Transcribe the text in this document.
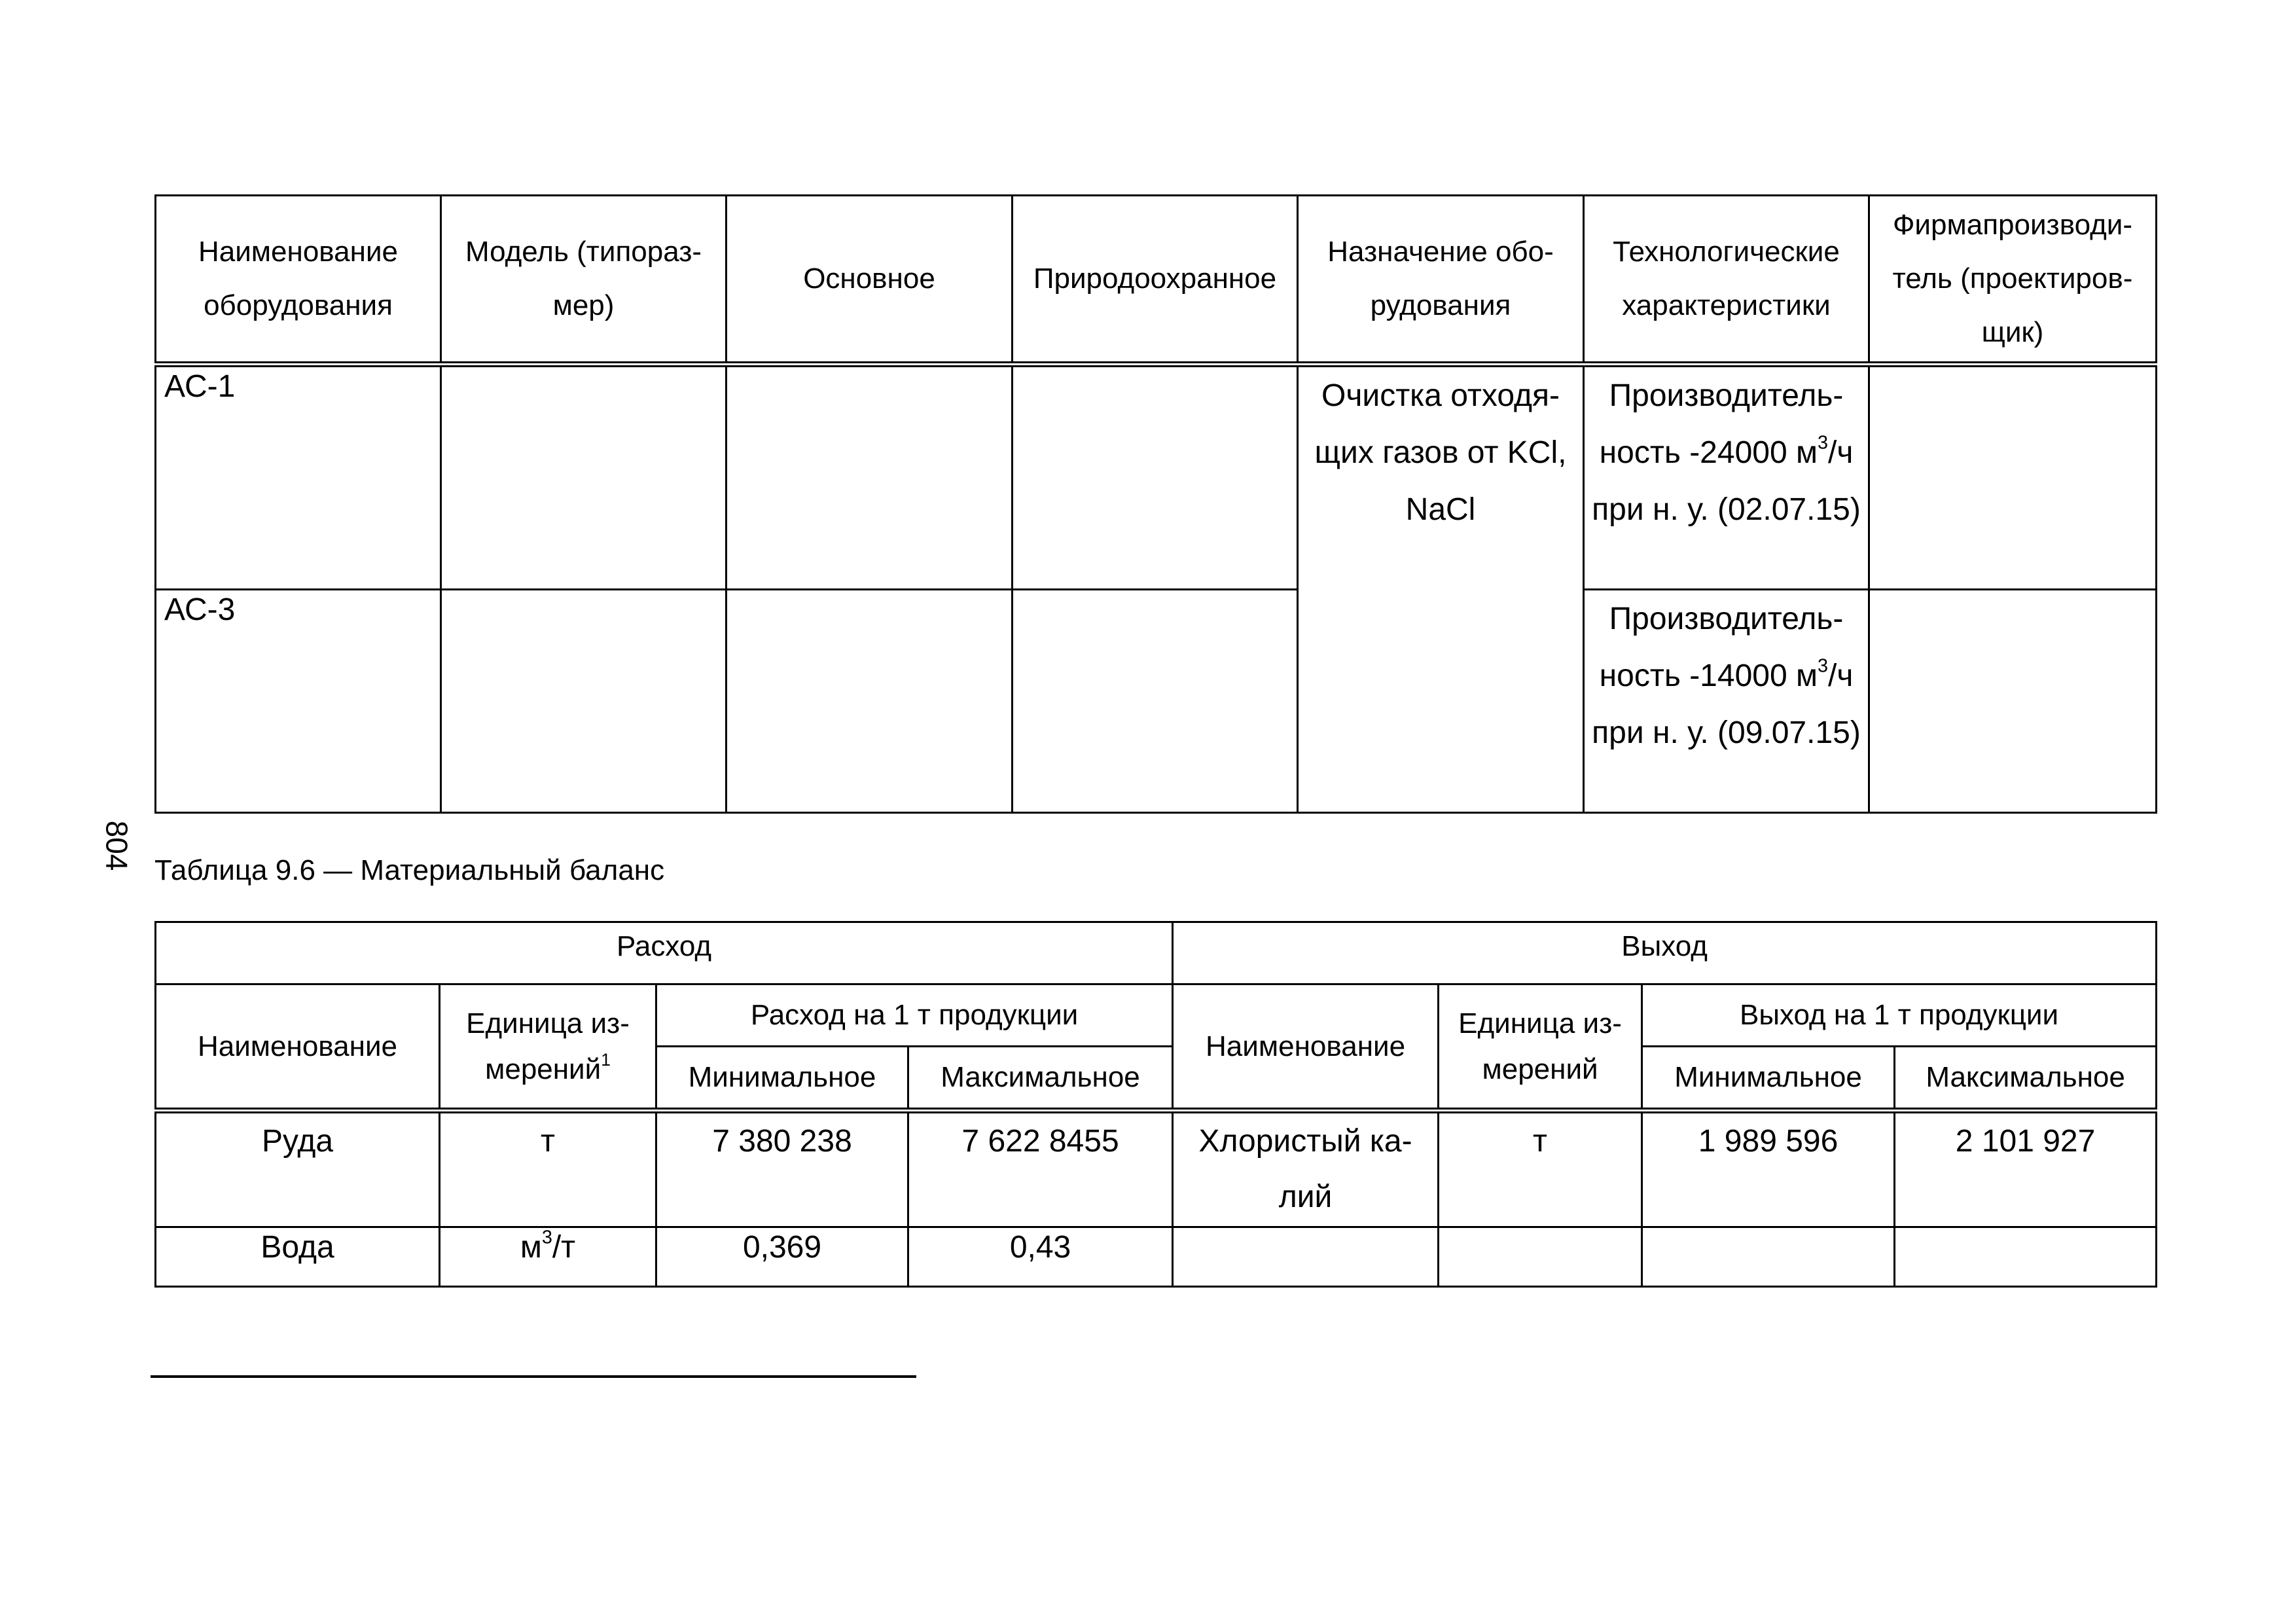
804
Наименование оборудования	Модель (типораз- мер)	Основное	Природоохранное	Назначение обо- рудования	Технологические характеристики	Фирмапроизводи- тель (проектиров- щик)
АС-1				Очистка отходя- щих газов от KCl, NaCl	Производитель- ность -24000 $м^3/ч$ при н. у. (02.07.15)	
АС-3					Производитель- ность -14000 $м^3/ч$ при н. у. (09.07.15)	
Таблица 9.6 — Материальный баланс
Расход				Выход			
Наименование	Единица из- мерений$^1$	Расход на 1 т продукции		Наименование	Единица из- мерений	Выход на 1 т продукции	
		Минимальное	Максимальное			Минимальное	Максимальное
Руда	т	7 380 238	7 622 8455	Хлористый ка- лий	т	1 989 596	2 101 927
Вода	$м^3/т$	0,369	0,43				
